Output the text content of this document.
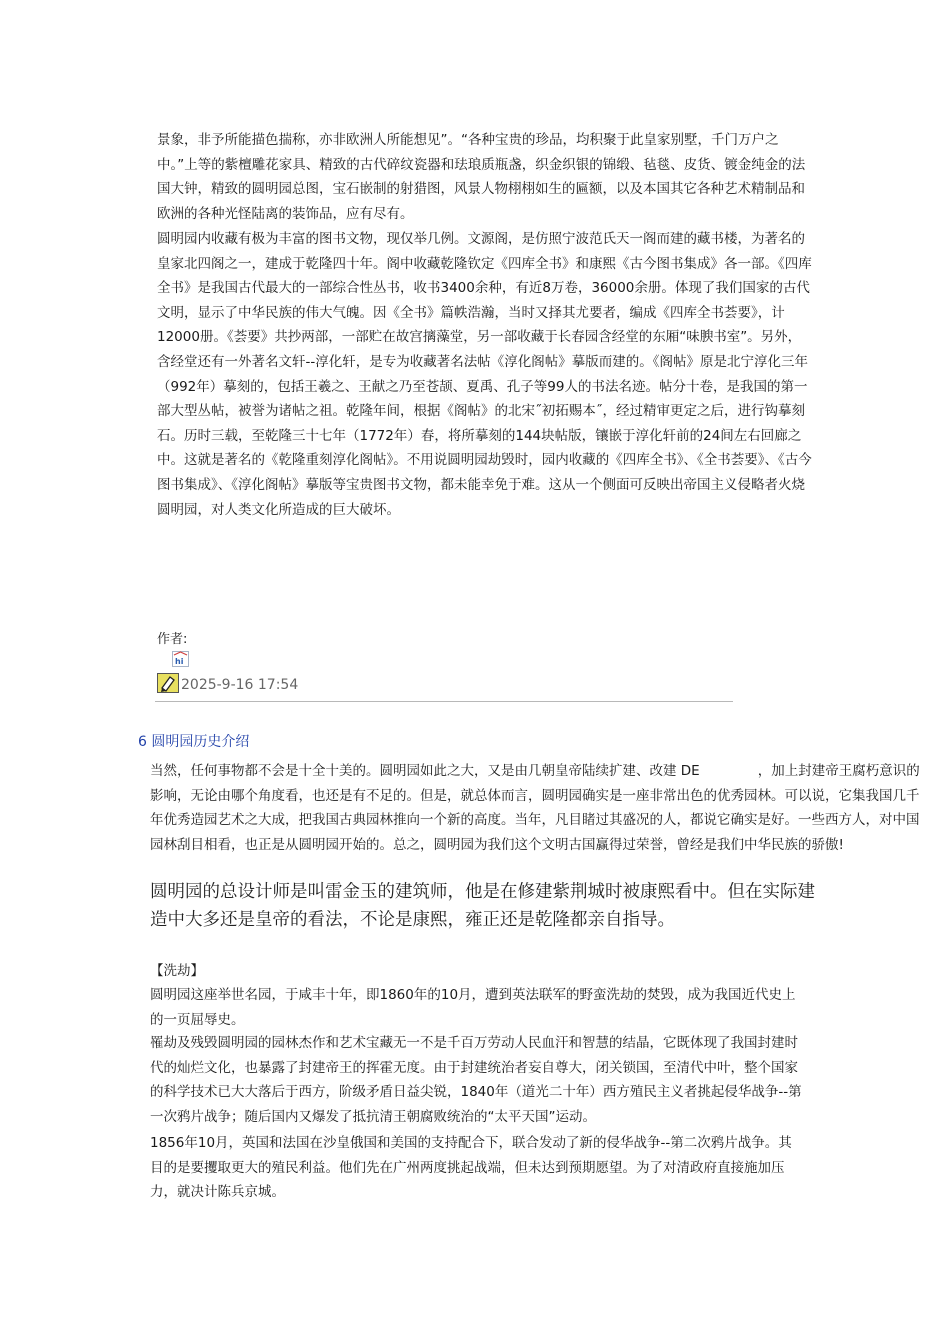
景象，非予所能描色揣称，亦非欧洲人所能想见”。“各种宝贵的珍品，均积聚于此皇家别墅，千门万户之中。”上等的紫檀雕花家具、精致的古代碎纹瓷器和珐琅质瓶盏，织金织银的锦缎、毡毯、皮货、镀金纯金的法国大钟，精致的圆明园总图，宝石嵌制的射猎图，风景人物栩栩如生的匾额，以及本国其它各种艺术精制品和欧洲的各种光怪陆离的装饰品，应有尽有。

圆明园内收藏有极为丰富的图书文物，现仅举几例。文源阁，是仿照宁波范氏天一阁而建的藏书楼，为著名的皇家北四阁之一，建成于乾隆四十年。阁中收藏乾隆钦定《四库全书》和康熙《古今图书集成》各一部。《四库全书》是我国古代最大的一部综合性丛书，收书3400余种，有近8万卷，36000余册。体现了我们国家的古代文明，显示了中华民族的伟大气魄。因《全书》篇帙浩瀚，当时又择其尤要者，编成《四库全书荟要》，计12000册。《荟要》共抄两部，一部贮在故宫摛藻堂，另一部收藏于长春园含经堂的东厢“味腴书室”。另外，含经堂还有一外著名文轩--淳化轩，是专为收藏著名法帖《淳化阁帖》摹版而建的。《阁帖》原是北宁淳化三年（992年）摹刻的，包括王羲之、王献之乃至苍颉、夏禹、孔子等99人的书法名迹。帖分十卷，是我国的第一部大型丛帖，被誉为诸帖之祖。乾隆年间，根据《阁帖》的北宋˝初拓赐本˝，经过精审更定之后，进行钩摹刻石。历时三载，至乾隆三十七年（1772年）春，将所摹刻的144块帖版，镶嵌于淳化轩前的24间左右回廊之中。这就是著名的《乾隆重刻淳化阁帖》。不用说圆明园劫毁时，园内收藏的《四库全书》、《全书荟要》、《古今图书集成》、《淳化阁帖》摹版等宝贵图书文物，都未能幸免于难。这从一个侧面可反映出帝国主义侵略者火烧圆明园，对人类文化所造成的巨大破坏。

作者:
hi
2025-9-16 17:54
6 圆明园历史介绍

当然，任何事物都不会是十全十美的。圆明园如此之大，又是由几朝皇帝陆续扩建、改建 DE	，加上封建帝王腐朽意识的影响，无论由哪个角度看，也还是有不足的。但是，就总体而言，圆明园确实是一座非常出色的优秀园林。可以说，它集我国几千年优秀造园艺术之大成，把我国古典园林推向一个新的高度。当年，凡目睹过其盛况的人，都说它确实是好。一些西方人，对中国园林刮目相看，也正是从圆明园开始的。总之，圆明园为我们这个文明古国赢得过荣誉，曾经是我们中华民族的骄傲!

圆明园的总设计师是叫雷金玉的建筑师，他是在修建紫荆城时被康熙看中。但在实际建造中大多还是皇帝的看法，不论是康熙，雍正还是乾隆都亲自指导。

【洗劫】

圆明园这座举世名园，于咸丰十年，即1860年的10月，遭到英法联军的野蛮洗劫的焚毁，成为我国近代史上的一页屈辱史。

罹劫及残毁圆明园的园林杰作和艺术宝藏无一不是千百万劳动人民血汗和智慧的结晶，它既体现了我国封建时代的灿烂文化，也暴露了封建帝王的挥霍无度。由于封建统治者妄自尊大，闭关锁国，至清代中叶，整个国家的科学技术已大大落后于西方，阶级矛盾日益尖锐，1840年（道光二十年）西方殖民主义者挑起侵华战争--第一次鸦片战争；随后国内又爆发了抵抗清王朝腐败统治的“太平天国”运动。

1856年10月，英国和法国在沙皇俄国和美国的支持配合下，联合发动了新的侵华战争--第二次鸦片战争。其目的是要攫取更大的殖民利益。他们先在广州两度挑起战端，但未达到预期愿望。为了对清政府直接施加压力，就决计陈兵京城。
